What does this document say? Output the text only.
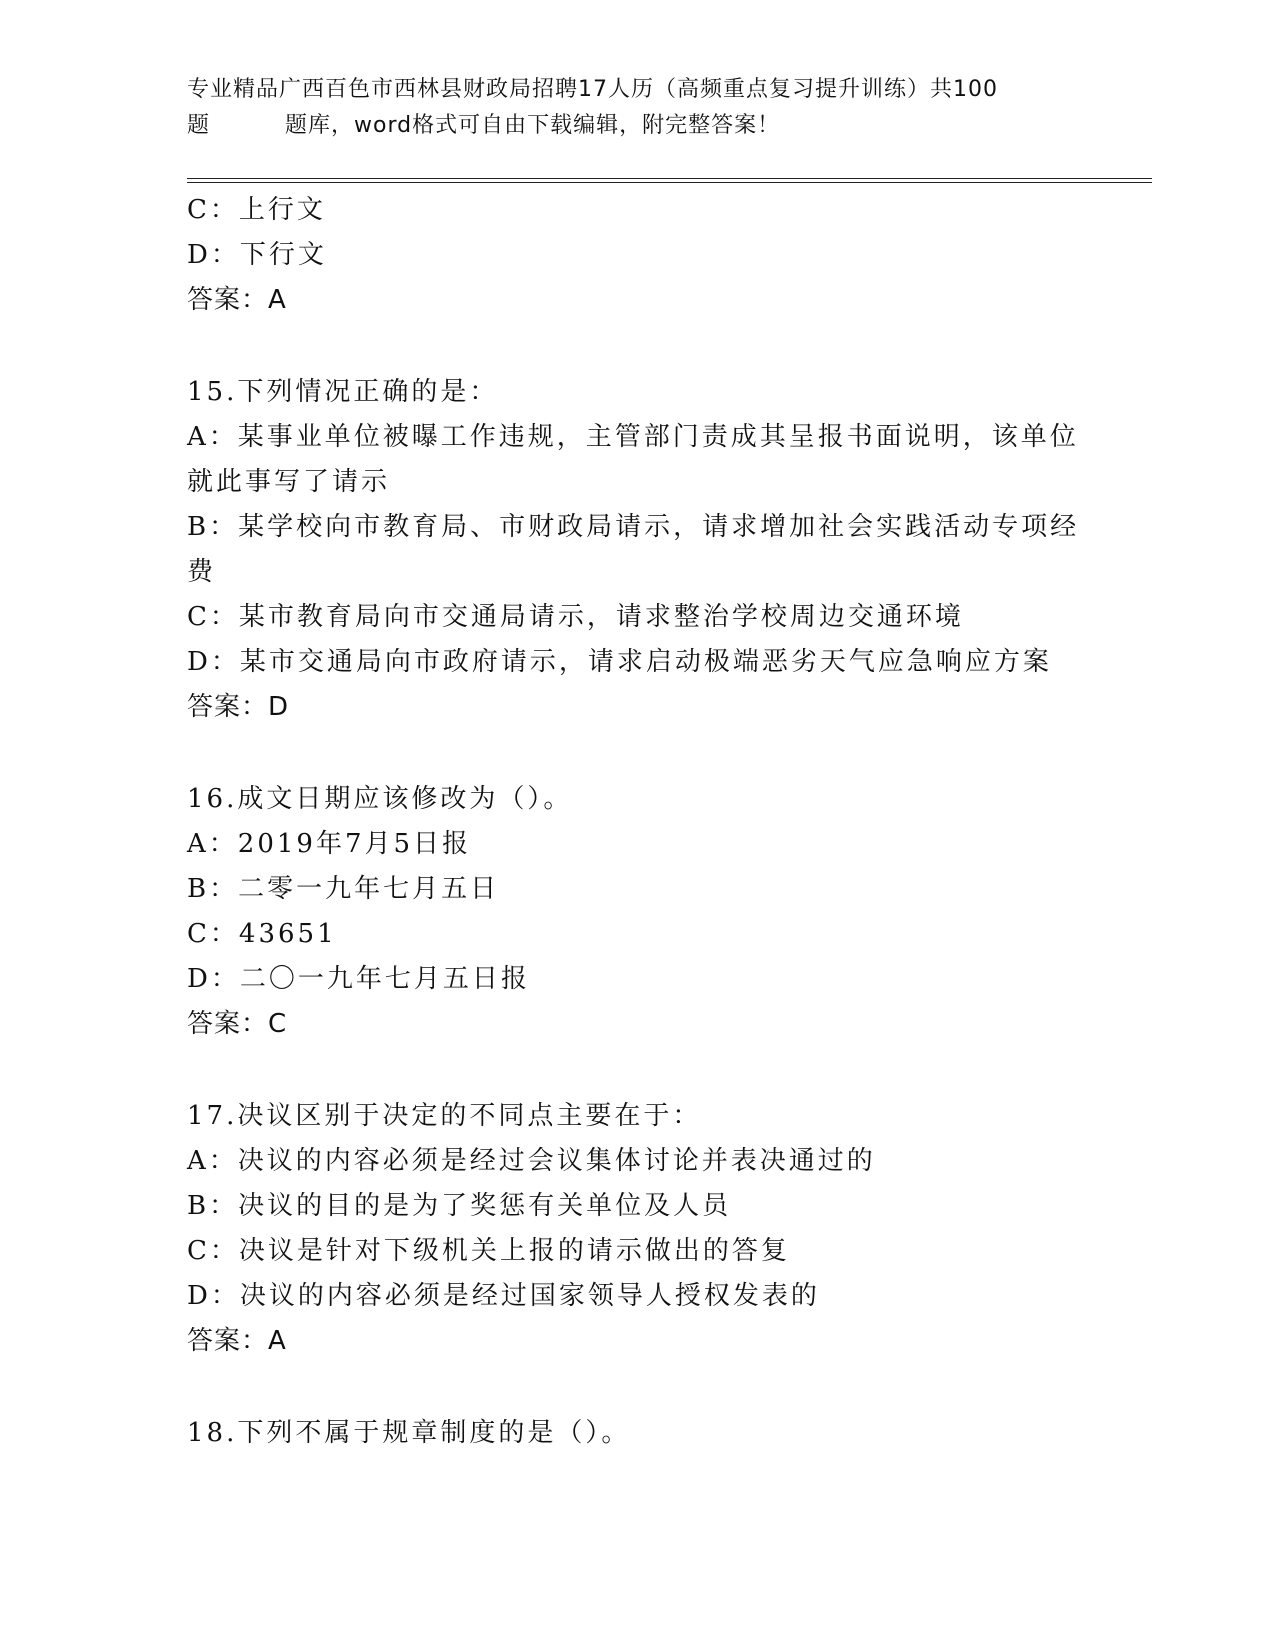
专业精品广西百色市西林县财政局招聘17人历（高频重点复习提升训练）共100
题	题库，word格式可自由下载编辑，附完整答案！
C：上行文
D：下行文
答案：A
15.下列情况正确的是：
A：某事业单位被曝工作违规，主管部门责成其呈报书面说明，该单位
就此事写了请示
B：某学校向市教育局、市财政局请示，请求增加社会实践活动专项经
费
C：某市教育局向市交通局请示，请求整治学校周边交通环境
D：某市交通局向市政府请示，请求启动极端恶劣天气应急响应方案
答案：D
16.成文日期应该修改为（）。
A：2019年7月5日报
B：二零一九年七月五日
C：43651
D：二〇一九年七月五日报
答案：C
17.决议区别于决定的不同点主要在于：
A：决议的内容必须是经过会议集体讨论并表决通过的
B：决议的目的是为了奖惩有关单位及人员
C：决议是针对下级机关上报的请示做出的答复
D：决议的内容必须是经过国家领导人授权发表的
答案：A
18.下列不属于规章制度的是（）。
